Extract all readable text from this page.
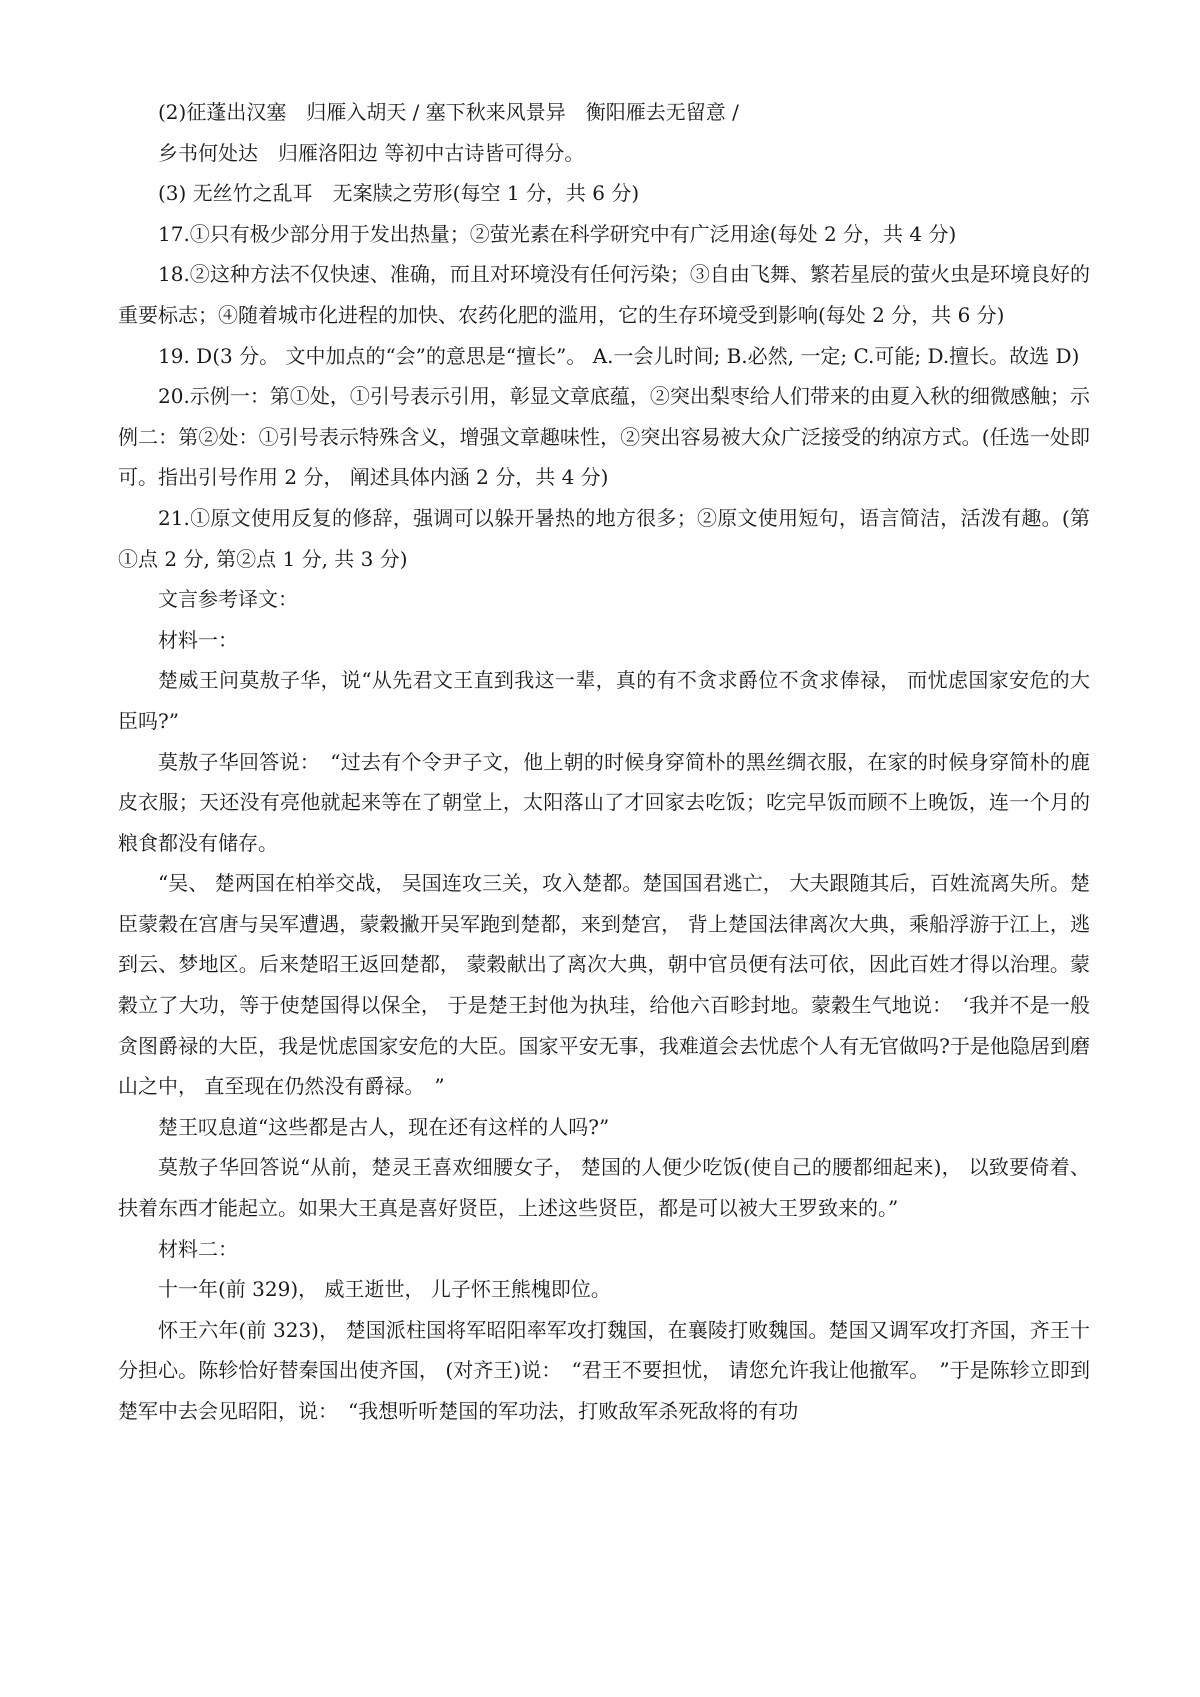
(2)征蓬出汉塞　归雁入胡天 / 塞下秋来风景异　衡阳雁去无留意 /

乡书何处达　归雁洛阳边 等初中古诗皆可得分。

(3) 无丝竹之乱耳　无案牍之劳形(每空 1 分，共 6 分)

17.①只有极少部分用于发出热量；②萤光素在科学研究中有广泛用途(每处 2 分，共 4 分)

18.②这种方法不仅快速、准确，而且对环境没有任何污染；③自由飞舞、繁若星辰的萤火虫是环境良好的重要标志；④随着城市化进程的加快、农药化肥的滥用，它的生存环境受到影响(每处 2 分，共 6 分)

19. D(3 分。 文中加点的“会”的意思是“擅长”。 A.一会儿时间; B.必然, 一定; C.可能; D.擅长。故选 D)

20.示例一：第①处，①引号表示引用，彰显文章底蕴，②突出梨枣给人们带来的由夏入秋的细微感触；示例二：第②处：①引号表示特殊含义，增强文章趣味性，②突出容易被大众广泛接受的纳凉方式。(任选一处即可。指出引号作用 2 分， 阐述具体内涵 2 分，共 4 分)

21.①原文使用反复的修辞，强调可以躲开暑热的地方很多；②原文使用短句，语言简洁，活泼有趣。(第①点 2 分, 第②点 1 分, 共 3 分)

文言参考译文：

材料一：

楚威王问莫敖子华，说“从先君文王直到我这一辈，真的有不贪求爵位不贪求俸禄， 而忧虑国家安危的大臣吗?”

莫敖子华回答说：　“过去有个令尹子文，他上朝的时候身穿简朴的黑丝绸衣服，在家的时候身穿简朴的鹿皮衣服；天还没有亮他就起来等在了朝堂上，太阳落山了才回家去吃饭；吃完早饭而顾不上晚饭，连一个月的粮食都没有储存。

“吴、 楚两国在柏举交战， 吴国连攻三关，攻入楚都。楚国国君逃亡， 大夫跟随其后，百姓流离失所。楚臣蒙穀在宫唐与吴军遭遇，蒙穀撇开吴军跑到楚都，来到楚宫， 背上楚国法律离次大典，乘船浮游于江上，逃到云、梦地区。后来楚昭王返回楚都， 蒙穀献出了离次大典，朝中官员便有法可依，因此百姓才得以治理。蒙穀立了大功，等于使楚国得以保全， 于是楚王封他为执珪，给他六百畛封地。蒙穀生气地说：　‘我并不是一般贪图爵禄的大臣，我是忧虑国家安危的大臣。国家平安无事，我难道会去忧虑个人有无官做吗?于是他隐居到磨山之中， 直至现在仍然没有爵禄。　”

楚王叹息道“这些都是古人，现在还有这样的人吗?”

莫敖子华回答说“从前，楚灵王喜欢细腰女子， 楚国的人便少吃饭(使自己的腰都细起来)， 以致要倚着、扶着东西才能起立。如果大王真是喜好贤臣，上述这些贤臣，都是可以被大王罗致来的。”

材料二：

十一年(前 329)， 威王逝世， 儿子怀王熊槐即位。

怀王六年(前 323)， 楚国派柱国将军昭阳率军攻打魏国，在襄陵打败魏国。楚国又调军攻打齐国，齐王十分担心。陈轸恰好替秦国出使齐国， (对齐王)说：　“君王不要担忧， 请您允许我让他撤军。　”于是陈轸立即到楚军中去会见昭阳，说：　“我想听听楚国的军功法，打败敌军杀死敌将的有功
